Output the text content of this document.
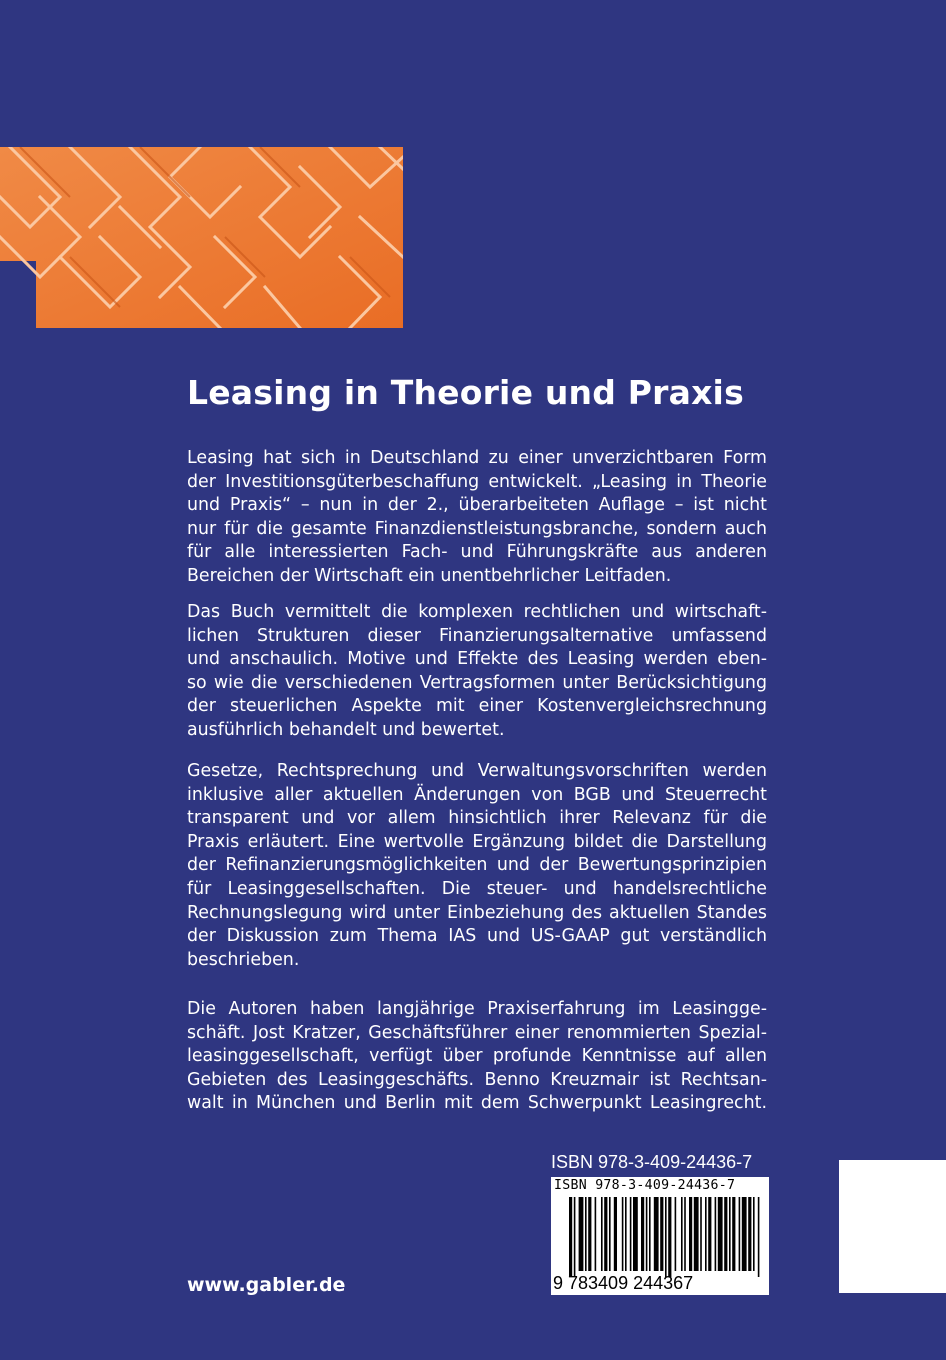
Leasing in Theorie und Praxis
Leasing hat sich in Deutschland zu einer unverzichtbaren Form
der Investitionsgüterbeschaffung entwickelt. „Leasing in Theorie
und Praxis“ – nun in der 2., überarbeiteten Auflage – ist nicht
nur für die gesamte Finanzdienstleistungsbranche, sondern auch
für alle interessierten Fach- und Führungskräfte aus anderen
Bereichen der Wirtschaft ein unentbehrlicher Leitfaden.
Das Buch vermittelt die komplexen rechtlichen und wirtschaft-
lichen Strukturen dieser Finanzierungsalternative umfassend
und anschaulich. Motive und Effekte des Leasing werden eben-
so wie die verschiedenen Vertragsformen unter Berücksichtigung
der steuerlichen Aspekte mit einer Kostenvergleichsrechnung
ausführlich behandelt und bewertet.
Gesetze, Rechtsprechung und Verwaltungsvorschriften werden
inklusive aller aktuellen Änderungen von BGB und Steuerrecht
transparent und vor allem hinsichtlich ihrer Relevanz für die
Praxis erläutert. Eine wertvolle Ergänzung bildet die Darstellung
der Refinanzierungsmöglichkeiten und der Bewertungsprinzipien
für Leasinggesellschaften. Die steuer- und handelsrechtliche
Rechnungslegung wird unter Einbeziehung des aktuellen Standes
der Diskussion zum Thema IAS und US-GAAP gut verständlich
beschrieben.
Die Autoren haben langjährige Praxiserfahrung im Leasingge-
schäft. Jost Kratzer, Geschäftsführer einer renommierten Spezial-
leasinggesellschaft, verfügt über profunde Kenntnisse auf allen
Gebieten des Leasinggeschäfts. Benno Kreuzmair ist Rechtsan-
walt in München und Berlin mit dem Schwerpunkt Leasingrecht.
ISBN 978-3-409-24436-7
ISBN 978-3-409-24436-7
9 783409 244367
www.gabler.de
